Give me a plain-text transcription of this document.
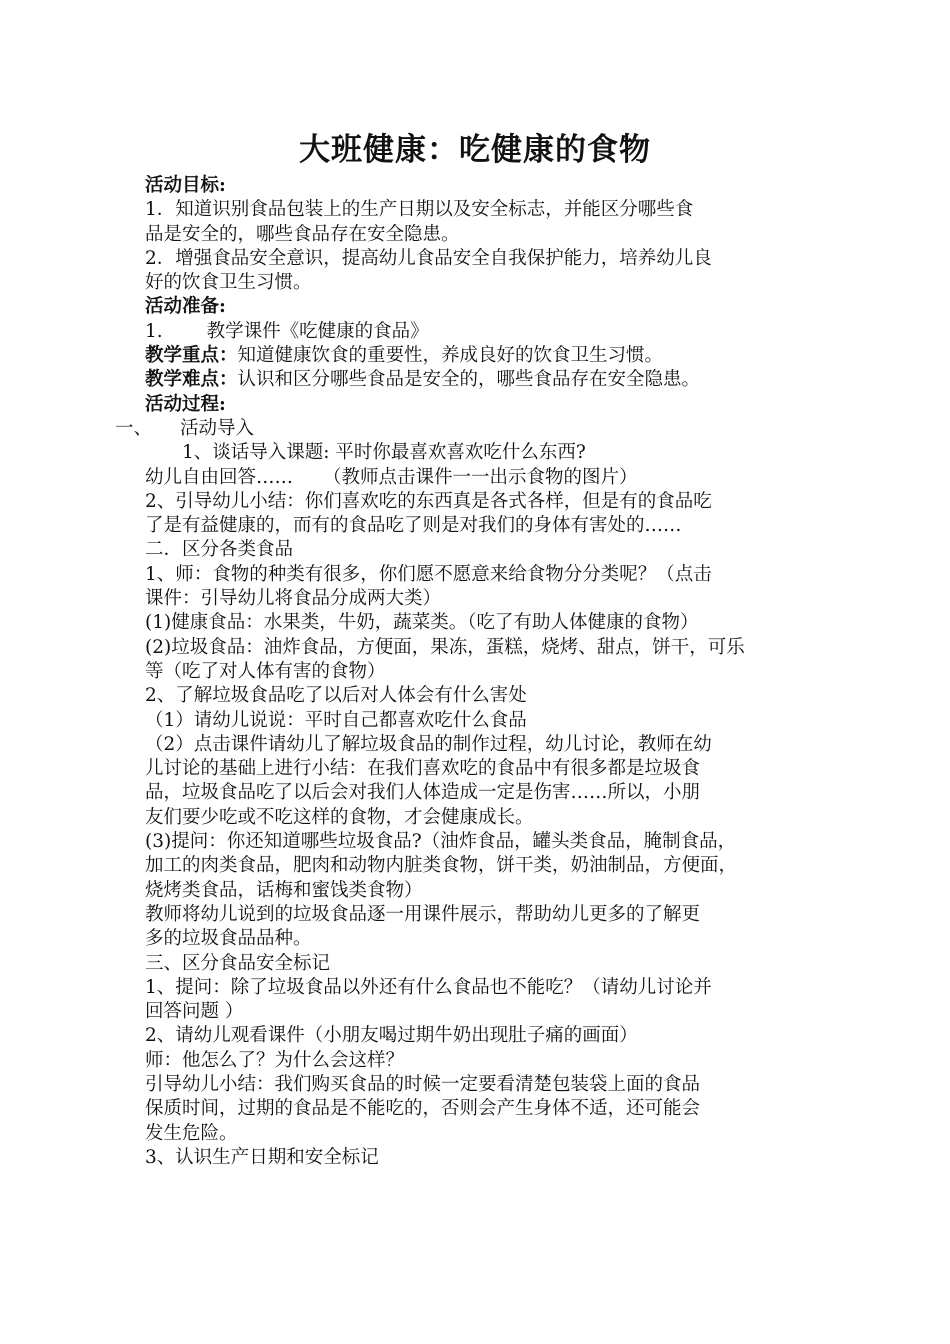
大班健康：吃健康的食物
活动目标:
1．知道识别食品包装上的生产日期以及安全标志，并能区分哪些食
品是安全的，哪些食品存在安全隐患。
2．增强食品安全意识，提高幼儿食品安全自我保护能力，培养幼儿良
好的饮食卫生习惯。
活动准备:
1. 教学课件《吃健康的食品》
教学重点：知道健康饮食的重要性，养成良好的饮食卫生习惯。
教学难点：认识和区分哪些食品是安全的，哪些食品存在安全隐患。
活动过程:
一、 活动导入
1、谈话导入课题: 平时你最喜欢喜欢吃什么东西?
幼儿自由回答…… （教师点击课件一一出示食物的图片）
2、引导幼儿小结：你们喜欢吃的东西真是各式各样，但是有的食品吃
了是有益健康的，而有的食品吃了则是对我们的身体有害处的……
二．区分各类食品
1、师：食物的种类有很多，你们愿不愿意来给食物分分类呢？（点击
课件：引导幼儿将食品分成两大类）
(1)健康食品：水果类，牛奶，蔬菜类。（吃了有助人体健康的食物）
(2)垃圾食品：油炸食品，方便面，果冻，蛋糕，烧烤、甜点，饼干，可乐
等（吃了对人体有害的食物）
2、了解垃圾食品吃了以后对人体会有什么害处
（1）请幼儿说说：平时自己都喜欢吃什么食品
（2）点击课件请幼儿了解垃圾食品的制作过程，幼儿讨论，教师在幼
儿讨论的基础上进行小结：在我们喜欢吃的食品中有很多都是垃圾食
品，垃圾食品吃了以后会对我们人体造成一定是伤害……所以，小朋
友们要少吃或不吃这样的食物，才会健康成长。
(3)提问：你还知道哪些垃圾食品?（油炸食品，罐头类食品，腌制食品，
加工的肉类食品，肥肉和动物内脏类食物，饼干类，奶油制品，方便面，
烧烤类食品，话梅和蜜饯类食物）
教师将幼儿说到的垃圾食品逐一用课件展示，帮助幼儿更多的了解更
多的垃圾食品品种。
三、区分食品安全标记
1、提问：除了垃圾食品以外还有什么食品也不能吃？（请幼儿讨论并
回答问题 ）
2、请幼儿观看课件（小朋友喝过期牛奶出现肚子痛的画面）
师：他怎么了？为什么会这样？
引导幼儿小结：我们购买食品的时候一定要看清楚包装袋上面的食品
保质时间，过期的食品是不能吃的，否则会产生身体不适，还可能会
发生危险。
3、认识生产日期和安全标记
